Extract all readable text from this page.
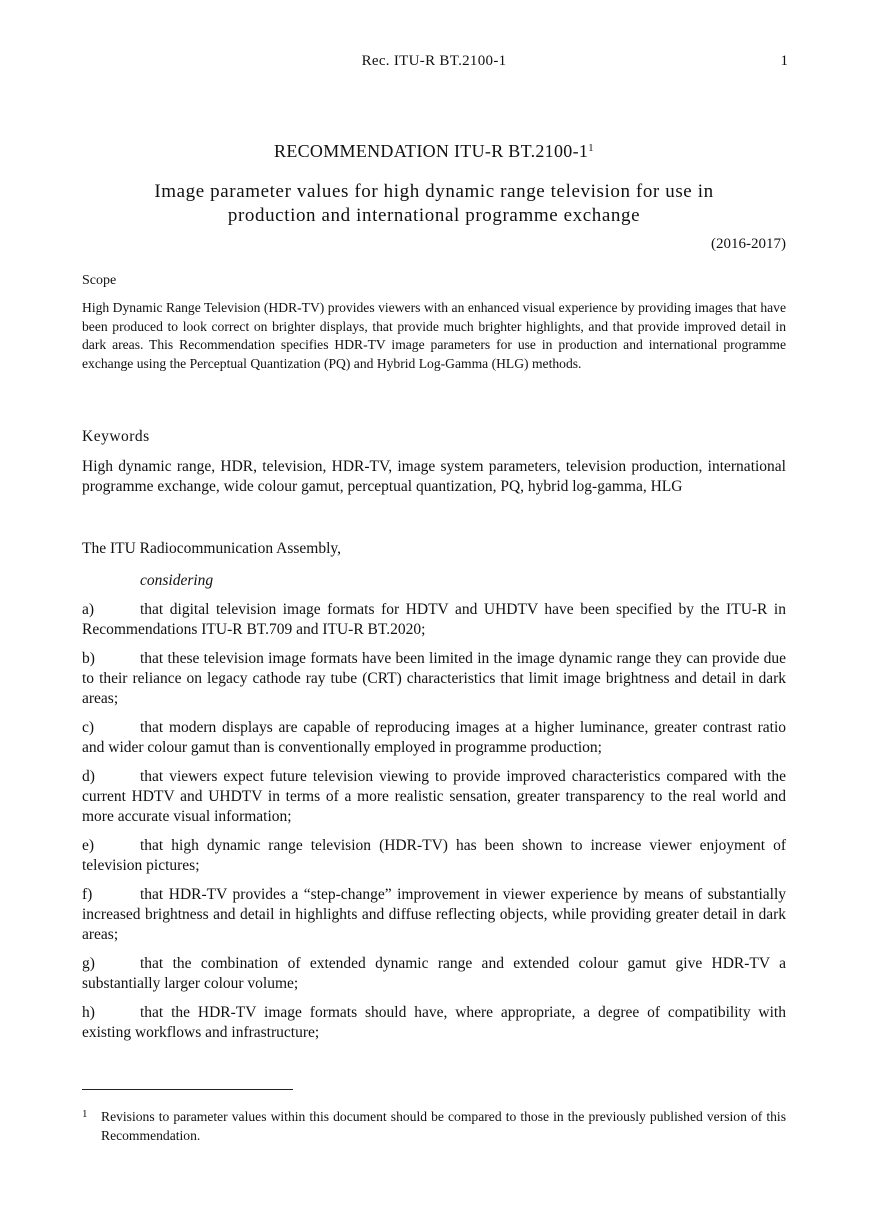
Rec. ITU-R BT.2100-1	1
RECOMMENDATION ITU-R $BT.2100-1^1$
Image parameter values for high dynamic range television for use in
production and international programme exchange
(2016-2017)
Scope
High Dynamic Range Television (HDR-TV) provides viewers with an enhanced visual experience by providing images that have been produced to look correct on brighter displays, that provide much brighter highlights, and that provide improved detail in dark areas. This Recommendation specifies HDR-TV image parameters for use in production and international programme exchange using the Perceptual Quantization (PQ) and Hybrid Log-Gamma (HLG) methods.
Keywords
High dynamic range, HDR, television, HDR-TV, image system parameters, television production, international programme exchange, wide colour gamut, perceptual quantization, PQ, hybrid log-gamma, HLG
The ITU Radiocommunication Assembly,
considering
a)	that digital television image formats for HDTV and UHDTV have been specified by the ITU-R in Recommendations ITU-R BT.709 and ITU-R BT.2020;
b)	that these television image formats have been limited in the image dynamic range they can provide due to their reliance on legacy cathode ray tube (CRT) characteristics that limit image brightness and detail in dark areas;
c)	that modern displays are capable of reproducing images at a higher luminance, greater contrast ratio and wider colour gamut than is conventionally employed in programme production;
d)	that viewers expect future television viewing to provide improved characteristics compared with the current HDTV and UHDTV in terms of a more realistic sensation, greater transparency to the real world and more accurate visual information;
e)	that high dynamic range television (HDR-TV) has been shown to increase viewer enjoyment of television pictures;
f)	that HDR-TV provides a “step-change” improvement in viewer experience by means of substantially increased brightness and detail in highlights and diffuse reflecting objects, while providing greater detail in dark areas;
g)	that the combination of extended dynamic range and extended colour gamut give HDR-TV a substantially larger colour volume;
h)	that the HDR-TV image formats should have, where appropriate, a degree of compatibility with existing workflows and infrastructure;
1 Revisions to parameter values within this document should be compared to those in the previously published version of this Recommendation.
